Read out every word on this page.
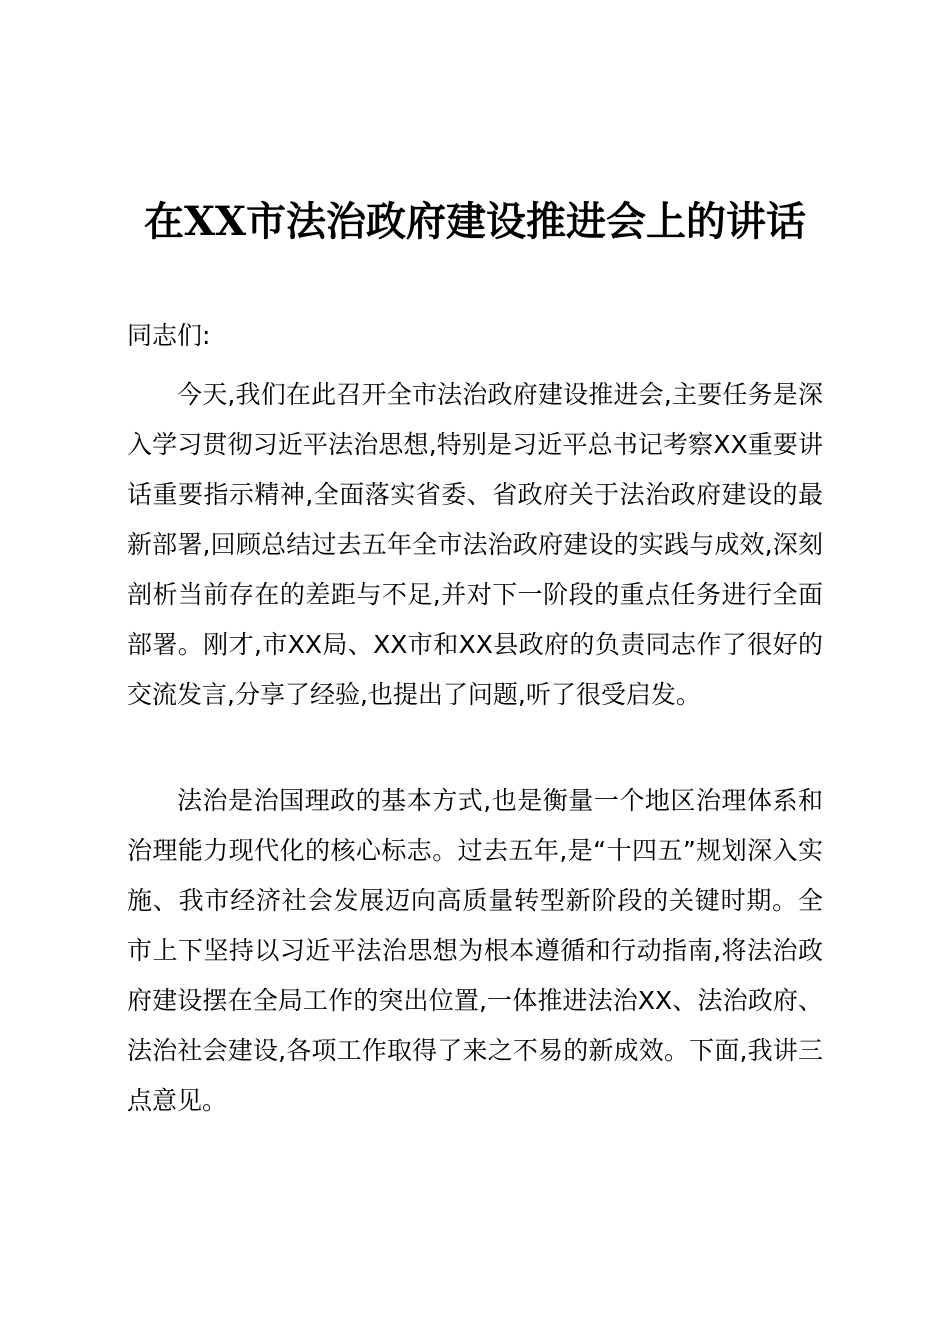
在XX市法治政府建设推进会上的讲话
同志们:

今天,我们在此召开全市法治政府建设推进会,主要任务是深入学习贯彻习近平法治思想,特别是习近平总书记考察XX重要讲话重要指示精神,全面落实省委、省政府关于法治政府建设的最新部署,回顾总结过去五年全市法治政府建设的实践与成效,深刻剖析当前存在的差距与不足,并对下一阶段的重点任务进行全面部署。刚才,市XX局、XX市和XX县政府的负责同志作了很好的交流发言,分享了经验,也提出了问题,听了很受启发。

法治是治国理政的基本方式,也是衡量一个地区治理体系和治理能力现代化的核心标志。过去五年,是“十四五”规划深入实施、我市经济社会发展迈向高质量转型新阶段的关键时期。全市上下坚持以习近平法治思想为根本遵循和行动指南,将法治政府建设摆在全局工作的突出位置,一体推进法治XX、法治政府、法治社会建设,各项工作取得了来之不易的新成效。下面,我讲三点意见。
